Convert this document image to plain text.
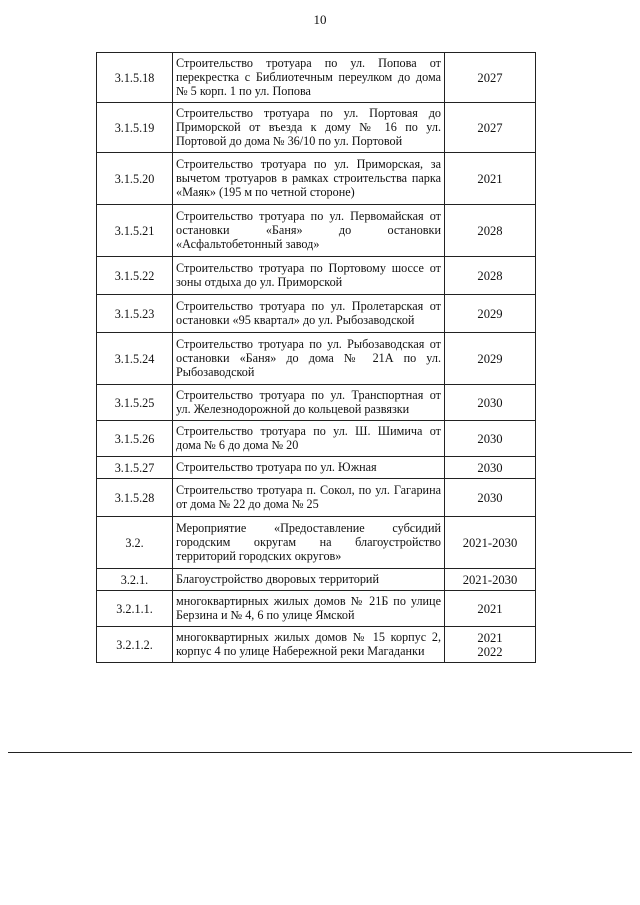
10
3.1.5.18	Строительство тротуара по ул. Попова от перекрестка с Библиотечным переулком до дома № 5 корп. 1 по ул. Попова	2027

3.1.5.19	Строительство тротуара по ул. Портовая до Приморской от въезда к дому № 16 по ул. Портовой до дома № 36/10 по ул. Портовой	2027

3.1.5.20	Строительство тротуара по ул. Приморская, за вычетом тротуаров в рамках строительства парка «Маяк» (195 м по четной стороне)	2021

3.1.5.21	Строительство тротуара по ул. Первомайская от остановки «Баня» до остановки «Асфальтобетонный завод»	2028

3.1.5.22	Строительство тротуара по Портовому шоссе от зоны отдыха до ул. Приморской	2028

3.1.5.23	Строительство тротуара по ул. Пролетарская от остановки «95 квартал» до ул. Рыбозаводской	2029

3.1.5.24	Строительство тротуара по ул. Рыбозаводская от остановки «Баня» до дома № 21А по ул. Рыбозаводской	2029

3.1.5.25	Строительство тротуара по ул. Транспортная от ул. Железнодорожной до кольцевой развязки	2030

3.1.5.26	Строительство тротуара по ул. Ш. Шимича от дома № 6 до дома № 20	2030

3.1.5.27	Строительство тротуара по ул. Южная	2030

3.1.5.28	Строительство тротуара п. Сокол, по ул. Гагарина от дома № 22 до дома № 25	2030

3.2.	Мероприятие «Предоставление субсидий городским округам на благоустройство территорий городских округов»	2021-2030

3.2.1.	Благоустройство дворовых территорий	2021-2030

3.2.1.1.	многоквартирных жилых домов № 21Б по улице Берзина и № 4, 6 по улице Ямской	2021

3.2.1.2.	многоквартирных жилых домов № 15 корпус 2, корпус 4 по улице Набережной реки Магаданки	2021
2022
